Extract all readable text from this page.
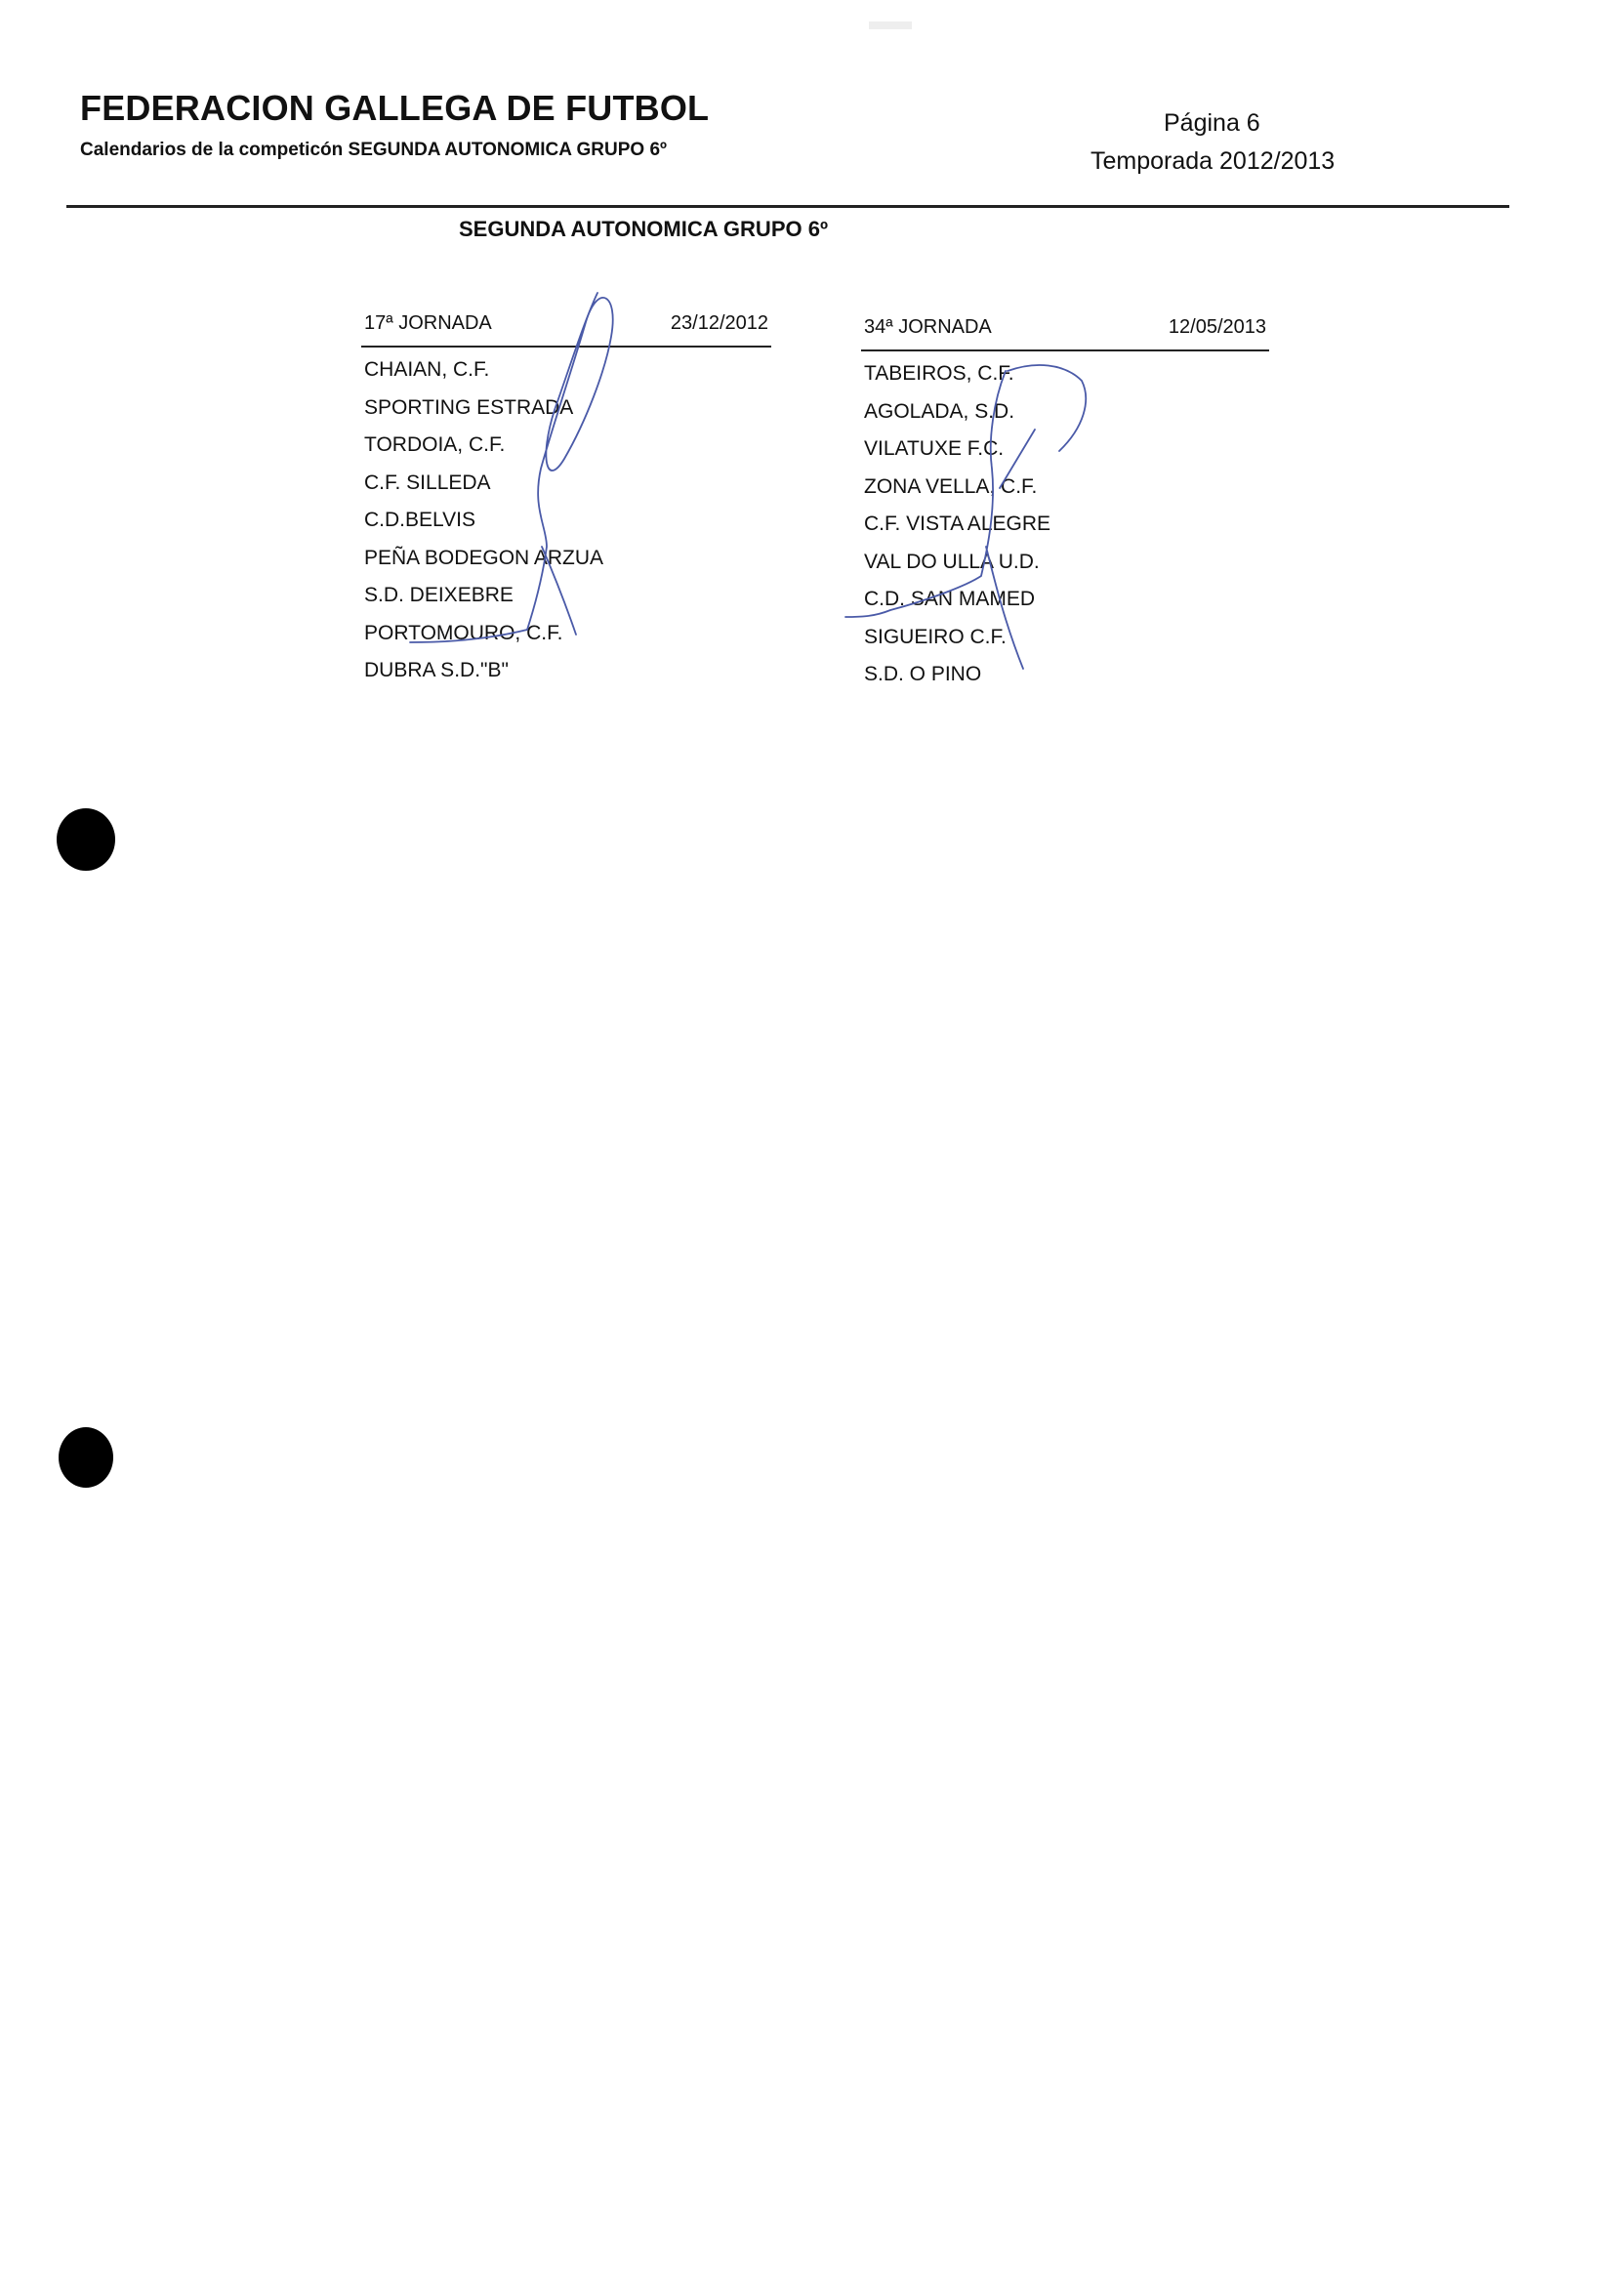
FEDERACION GALLEGA DE FUTBOL
Calendarios de la competicón SEGUNDA AUTONOMICA GRUPO 6º
Página 6
Temporada 2012/2013
SEGUNDA AUTONOMICA GRUPO 6º
17ª JORNADA	23/12/2012
CHAIAN, C.F.
SPORTING ESTRADA
TORDOIA, C.F.
C.F. SILLEDA
C.D.BELVIS
PEÑA BODEGON ARZUA
S.D. DEIXEBRE
PORTOMOURO, C.F.
DUBRA S.D."B"
34ª JORNADA	12/05/2013
TABEIROS, C.F.
AGOLADA, S.D.
VILATUXE F.C.
ZONA VELLA, C.F.
C.F. VISTA ALEGRE
VAL DO ULLA U.D.
C.D. SAN MAMED
SIGUEIRO C.F.
S.D. O PINO
